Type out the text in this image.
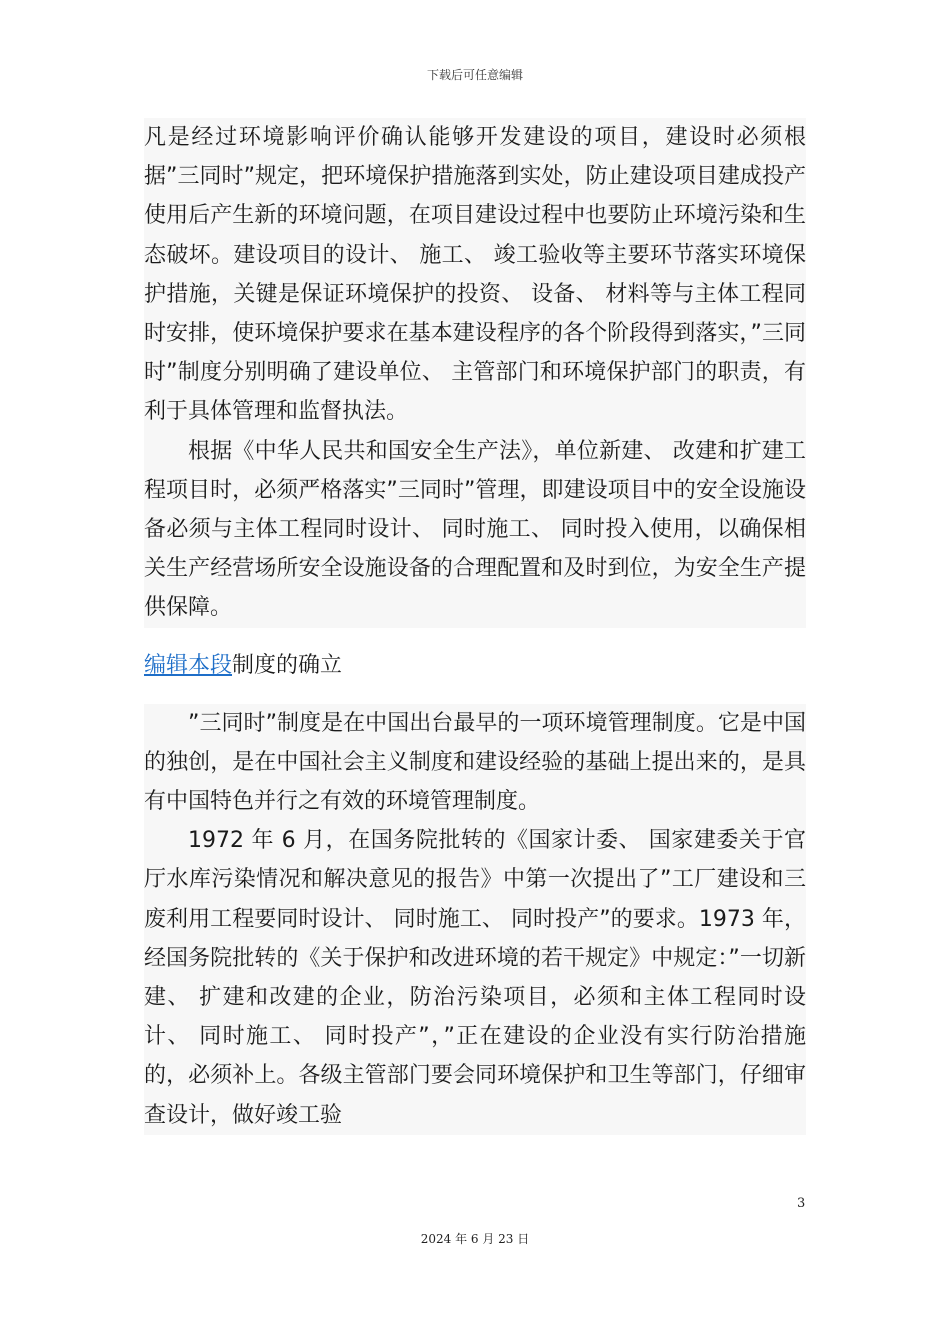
下载后可任意编辑

凡是经过环境影响评价确认能够开发建设的项目，建设时必须根据”三同时”规定，把环境保护措施落到实处，防止建设项目建成投产使用后产生新的环境问题，在项目建设过程中也要防止环境污染和生态破坏。建设项目的设计、 施工、 竣工验收等主要环节落实环境保护措施，关键是保证环境保护的投资、 设备、 材料等与主体工程同时安排，使环境保护要求在基本建设程序的各个阶段得到落实，”三同时”制度分别明确了建设单位、 主管部门和环境保护部门的职责，有利于具体管理和监督执法。

根据《中华人民共和国安全生产法》，单位新建、 改建和扩建工程项目时，必须严格落实”三同时”管理，即建设项目中的安全设施设备必须与主体工程同时设计、 同时施工、 同时投入使用，以确保相关生产经营场所安全设施设备的合理配置和及时到位，为安全生产提供保障。

编辑本段制度的确立

”三同时”制度是在中国出台最早的一项环境管理制度。它是中国的独创，是在中国社会主义制度和建设经验的基础上提出来的，是具有中国特色并行之有效的环境管理制度。

1972 年 6 月，在国务院批转的《国家计委、 国家建委关于官厅水库污染情况和解决意见的报告》中第一次提出了”工厂建设和三废利用工程要同时设计、 同时施工、 同时投产”的要求。1973 年，经国务院批转的《关于保护和改进环境的若干规定》中规定：”一切新建、 扩建和改建的企业，防治污染项目，必须和主体工程同时设计、 同时施工、 同时投产”，”正在建设的企业没有实行防治措施的，必须补上。各级主管部门要会同环境保护和卫生等部门，仔细审查设计，做好竣工验

3
2024 年 6 月 23 日
